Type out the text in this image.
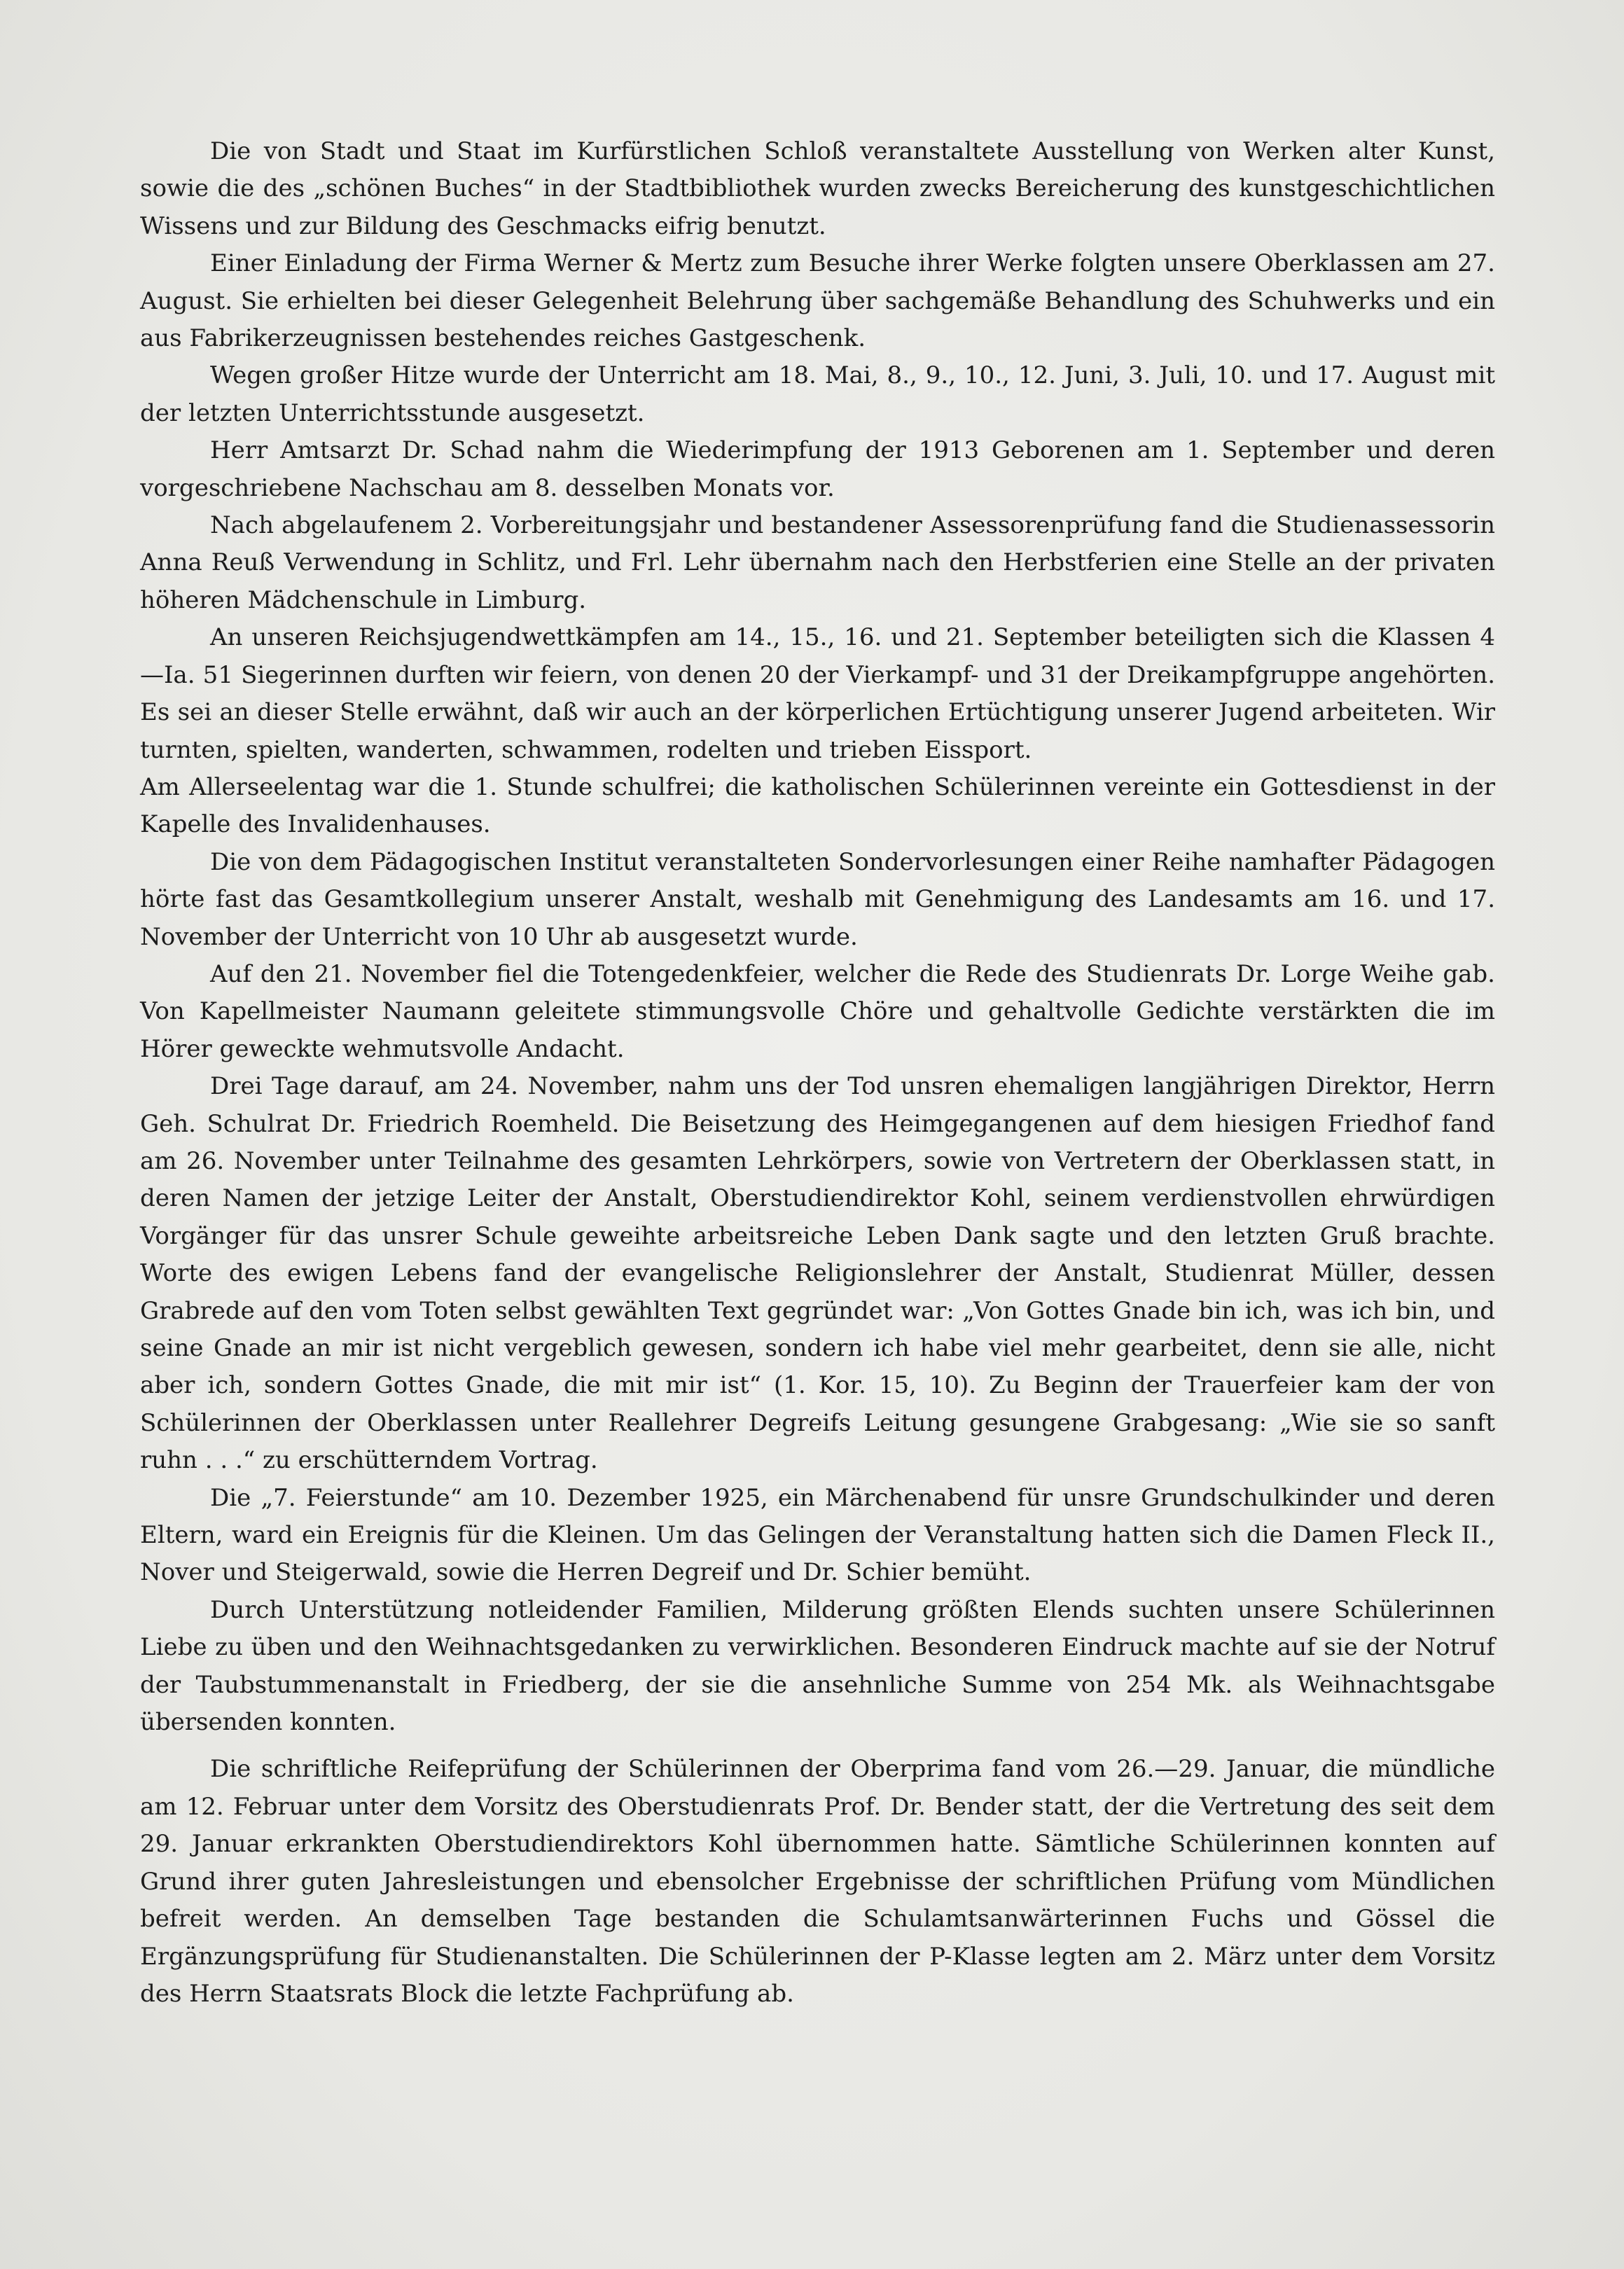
Die von Stadt und Staat im Kurfürstlichen Schloß veranstaltete Ausstellung von Werken alter Kunst, sowie die des „schönen Buches“ in der Stadtbibliothek wurden zwecks Bereicherung des kunstgeschichtlichen Wissens und zur Bildung des Geschmacks eifrig benutzt.

Einer Einladung der Firma Werner & Mertz zum Besuche ihrer Werke folgten unsere Oberklassen am 27. August. Sie erhielten bei dieser Gelegenheit Belehrung über sachgemäße Behandlung des Schuhwerks und ein aus Fabrikerzeugnissen bestehendes reiches Gastgeschenk.

Wegen großer Hitze wurde der Unterricht am 18. Mai, 8., 9., 10., 12. Juni, 3. Juli, 10. und 17. August mit der letzten Unterrichtsstunde ausgesetzt.

Herr Amtsarzt Dr. Schad nahm die Wiederimpfung der 1913 Geborenen am 1. September und deren vorgeschriebene Nachschau am 8. desselben Monats vor.

Nach abgelaufenem 2. Vorbereitungsjahr und bestandener Assessorenprüfung fand die Studienassessorin Anna Reuß Verwendung in Schlitz, und Frl. Lehr übernahm nach den Herbstferien eine Stelle an der privaten höheren Mädchenschule in Limburg.

An unseren Reichsjugendwettkämpfen am 14., 15., 16. und 21. September beteiligten sich die Klassen 4—Ia. 51 Siegerinnen durften wir feiern, von denen 20 der Vierkampf- und 31 der Dreikampfgruppe angehörten. Es sei an dieser Stelle erwähnt, daß wir auch an der körperlichen Ertüchtigung unserer Jugend arbeiteten. Wir turnten, spielten, wanderten, schwammen, rodelten und trieben Eissport.

Am Allerseelentag war die 1. Stunde schulfrei; die katholischen Schülerinnen vereinte ein Gottesdienst in der Kapelle des Invalidenhauses.

Die von dem Pädagogischen Institut veranstalteten Sondervorlesungen einer Reihe namhafter Pädagogen hörte fast das Gesamtkollegium unserer Anstalt, weshalb mit Genehmigung des Landesamts am 16. und 17. November der Unterricht von 10 Uhr ab ausgesetzt wurde.

Auf den 21. November fiel die Totengedenkfeier, welcher die Rede des Studienrats Dr. Lorge Weihe gab. Von Kapellmeister Naumann geleitete stimmungsvolle Chöre und gehaltvolle Gedichte verstärkten die im Hörer geweckte wehmutsvolle Andacht.

Drei Tage darauf, am 24. November, nahm uns der Tod unsren ehemaligen langjährigen Direktor, Herrn Geh. Schulrat Dr. Friedrich Roemheld. Die Beisetzung des Heimgegangenen auf dem hiesigen Friedhof fand am 26. November unter Teilnahme des gesamten Lehrkörpers, sowie von Vertretern der Oberklassen statt, in deren Namen der jetzige Leiter der Anstalt, Oberstudiendirektor Kohl, seinem verdienstvollen ehrwürdigen Vorgänger für das unsrer Schule geweihte arbeitsreiche Leben Dank sagte und den letzten Gruß brachte. Worte des ewigen Lebens fand der evangelische Religionslehrer der Anstalt, Studienrat Müller, dessen Grabrede auf den vom Toten selbst gewählten Text gegründet war: „Von Gottes Gnade bin ich, was ich bin, und seine Gnade an mir ist nicht vergeblich gewesen, sondern ich habe viel mehr gearbeitet, denn sie alle, nicht aber ich, sondern Gottes Gnade, die mit mir ist“ (1. Kor. 15, 10). Zu Beginn der Trauerfeier kam der von Schülerinnen der Oberklassen unter Reallehrer Degreifs Leitung gesungene Grabgesang: „Wie sie so sanft ruhn . . .“ zu erschütterndem Vortrag.

Die „7. Feierstunde“ am 10. Dezember 1925, ein Märchenabend für unsre Grundschulkinder und deren Eltern, ward ein Ereignis für die Kleinen. Um das Gelingen der Veranstaltung hatten sich die Damen Fleck II., Nover und Steigerwald, sowie die Herren Degreif und Dr. Schier bemüht.

Durch Unterstützung notleidender Familien, Milderung größten Elends suchten unsere Schülerinnen Liebe zu üben und den Weihnachtsgedanken zu verwirklichen. Besonderen Eindruck machte auf sie der Notruf der Taubstummenanstalt in Friedberg, der sie die ansehnliche Summe von 254 Mk. als Weihnachtsgabe übersenden konnten.

Die schriftliche Reifeprüfung der Schülerinnen der Oberprima fand vom 26.—29. Januar, die mündliche am 12. Februar unter dem Vorsitz des Oberstudienrats Prof. Dr. Bender statt, der die Vertretung des seit dem 29. Januar erkrankten Oberstudiendirektors Kohl übernommen hatte. Sämtliche Schülerinnen konnten auf Grund ihrer guten Jahresleistungen und ebensolcher Ergebnisse der schriftlichen Prüfung vom Mündlichen befreit werden. An demselben Tage bestanden die Schulamtsanwärterinnen Fuchs und Gössel die Ergänzungsprüfung für Studienanstalten. Die Schülerinnen der P-Klasse legten am 2. März unter dem Vorsitz des Herrn Staatsrats Block die letzte Fachprüfung ab.
